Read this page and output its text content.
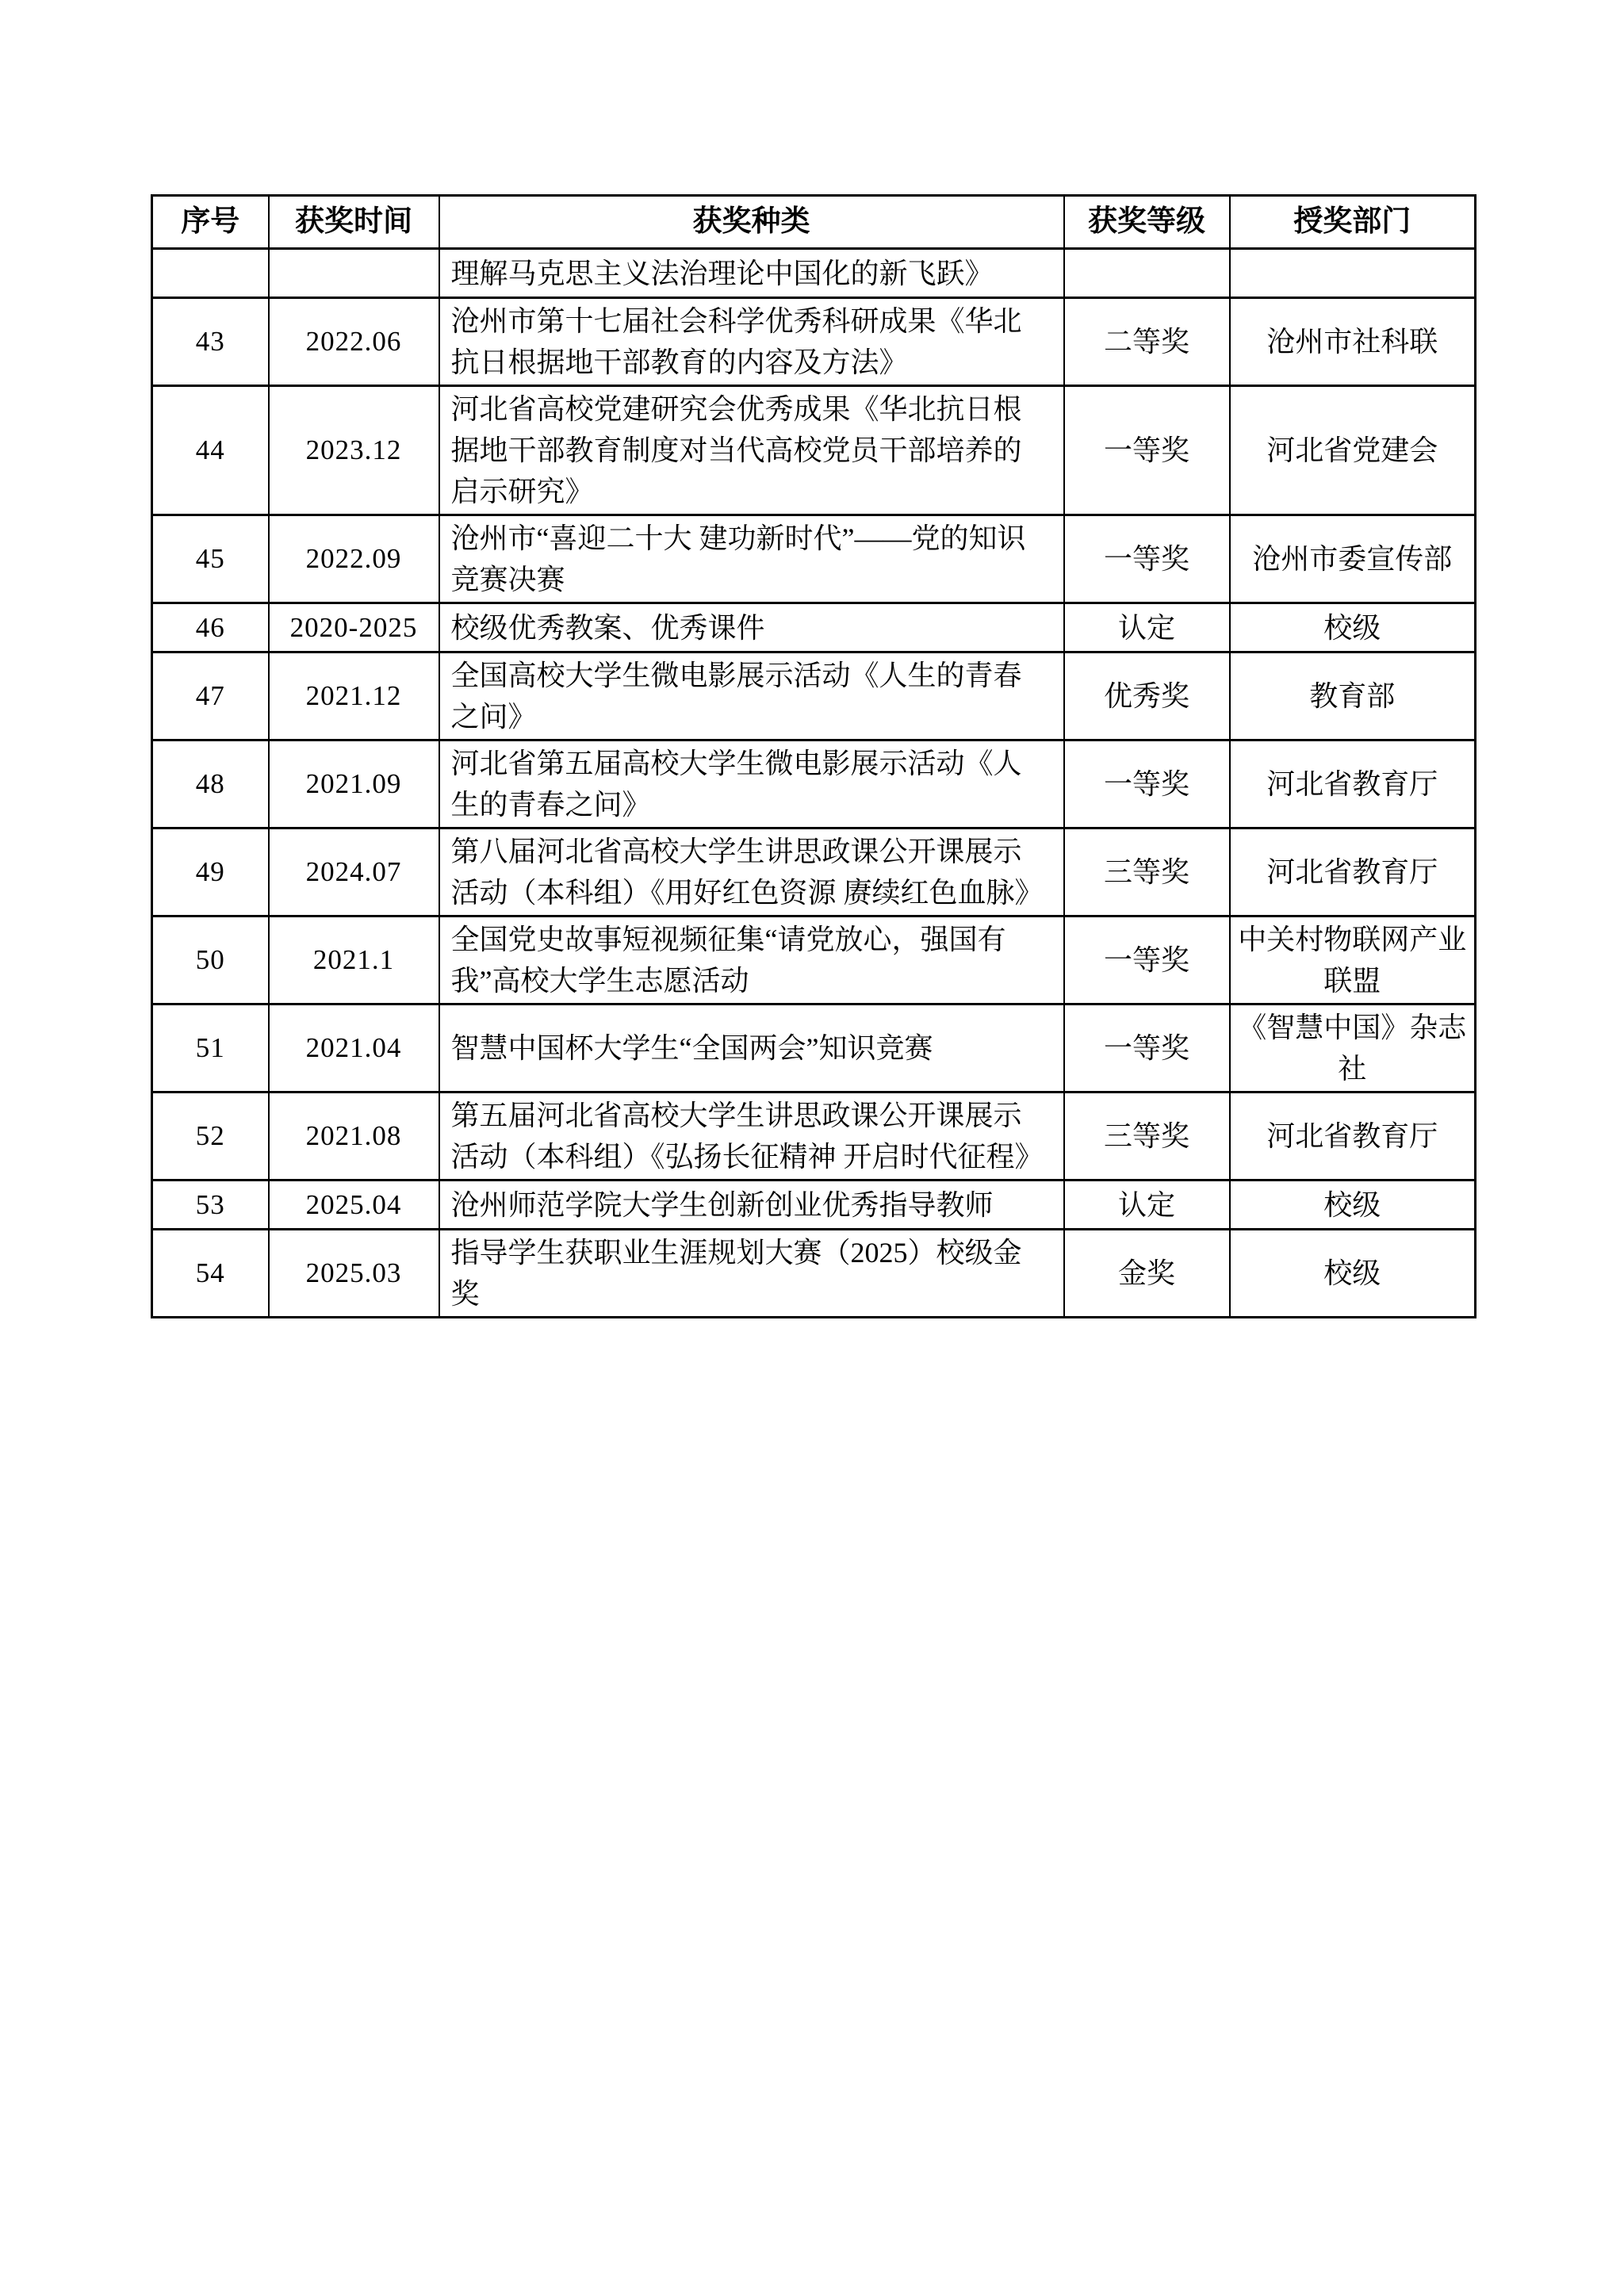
序号	获奖时间	获奖种类	获奖等级	授奖部门
		理解马克思主义法治理论中国化的新飞跃》		
43	2022.06	沧州市第十七届社会科学优秀科研成果《华北抗日根据地干部教育的内容及方法》	二等奖	沧州市社科联
44	2023.12	河北省高校党建研究会优秀成果《华北抗日根据地干部教育制度对当代高校党员干部培养的启示研究》	一等奖	河北省党建会
45	2022.09	沧州市“喜迎二十大 建功新时代”——党的知识竞赛决赛	一等奖	沧州市委宣传部
46	2020-2025	校级优秀教案、优秀课件	认定	校级
47	2021.12	全国高校大学生微电影展示活动《人生的青春之问》	优秀奖	教育部
48	2021.09	河北省第五届高校大学生微电影展示活动《人生的青春之问》	一等奖	河北省教育厅
49	2024.07	第八届河北省高校大学生讲思政课公开课展示活动（本科组）《用好红色资源 赓续红色血脉》	三等奖	河北省教育厅
50	2021.1	全国党史故事短视频征集“请党放心，强国有我”高校大学生志愿活动	一等奖	中关村物联网产业联盟
51	2021.04	智慧中国杯大学生“全国两会”知识竞赛	一等奖	《智慧中国》杂志社
52	2021.08	第五届河北省高校大学生讲思政课公开课展示活动（本科组）《弘扬长征精神 开启时代征程》	三等奖	河北省教育厅
53	2025.04	沧州师范学院大学生创新创业优秀指导教师	认定	校级
54	2025.03	指导学生获职业生涯规划大赛（2025）校级金奖	金奖	校级
